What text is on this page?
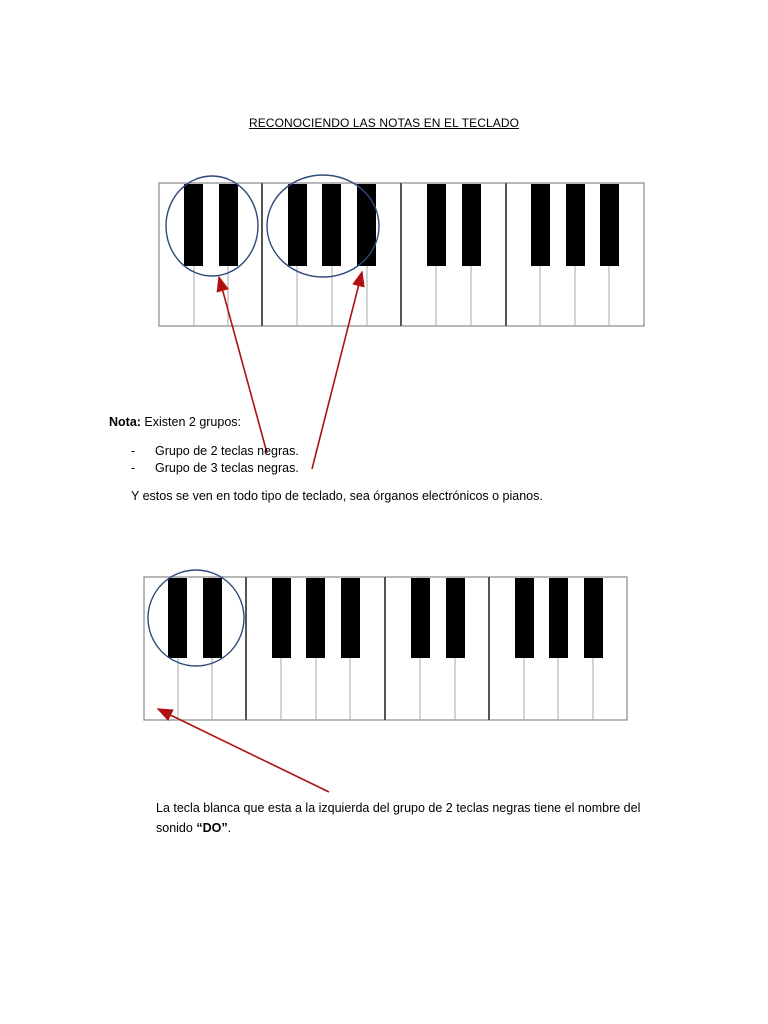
RECONOCIENDO LAS NOTAS EN EL TECLADO
Nota: Existen 2 grupos:
- Grupo de 2 teclas negras.
- Grupo de 3 teclas negras.
Y estos se ven en todo tipo de teclado, sea órganos electrónicos o pianos.
La tecla blanca que esta a la izquierda del grupo de 2 teclas negras tiene el nombre del sonido “DO”.
